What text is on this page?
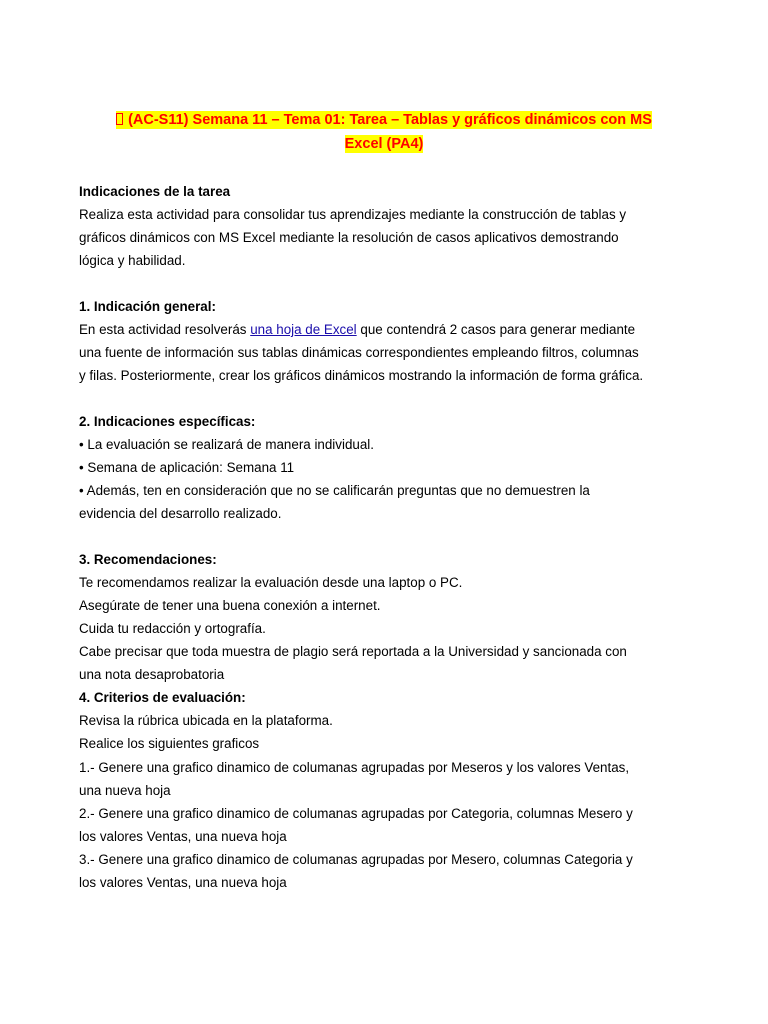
(AC-S11) Semana 11 – Tema 01: Tarea – Tablas y gráficos dinámicos con MS
Excel (PA4)
Indicaciones de la tarea
Realiza esta actividad para consolidar tus aprendizajes mediante la construcción de tablas y
gráficos dinámicos con MS Excel mediante la resolución de casos aplicativos demostrando
lógica y habilidad.
1. Indicación general:
En esta actividad resolverás una hoja de Excel que contendrá 2 casos para generar mediante
una fuente de información sus tablas dinámicas correspondientes empleando filtros, columnas
y filas. Posteriormente, crear los gráficos dinámicos mostrando la información de forma gráfica.
2. Indicaciones específicas:
• La evaluación se realizará de manera individual.
• Semana de aplicación: Semana 11
• Además, ten en consideración que no se calificarán preguntas que no demuestren la
evidencia del desarrollo realizado.
3. Recomendaciones:
Te recomendamos realizar la evaluación desde una laptop o PC.
Asegúrate de tener una buena conexión a internet.
Cuida tu redacción y ortografía.
Cabe precisar que toda muestra de plagio será reportada a la Universidad y sancionada con
una nota desaprobatoria
4. Criterios de evaluación:
Revisa la rúbrica ubicada en la plataforma.
Realice los siguientes graficos
1.- Genere una grafico dinamico de columanas agrupadas por Meseros y los valores Ventas,
una nueva hoja
2.- Genere una grafico dinamico de columanas agrupadas por Categoria, columnas Mesero y
los valores Ventas, una nueva hoja
3.- Genere una grafico dinamico de columanas agrupadas por Mesero, columnas Categoria y
los valores Ventas, una nueva hoja
